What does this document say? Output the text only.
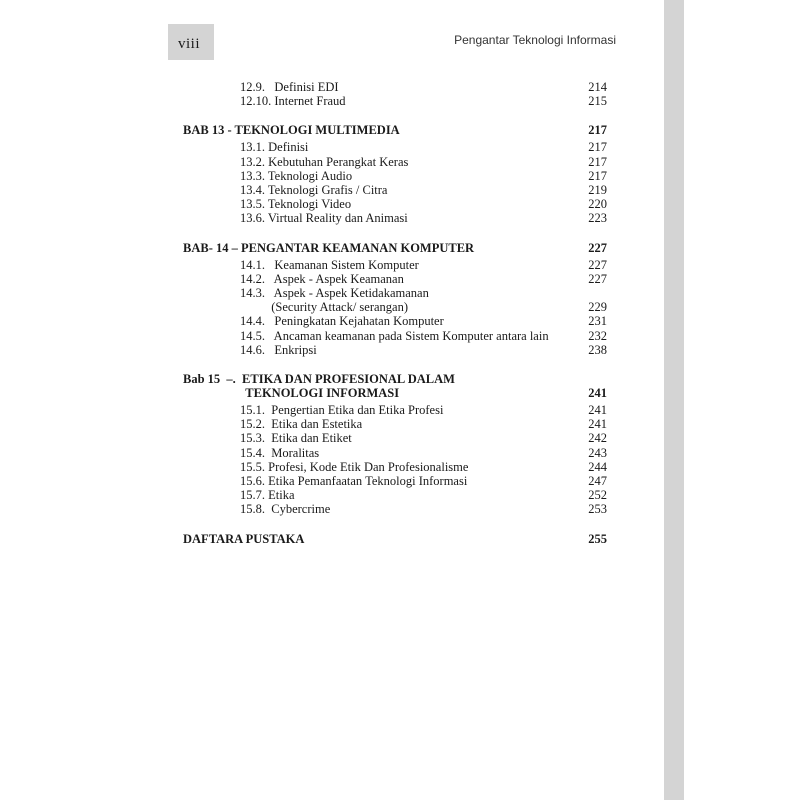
viii	Pengantar Teknologi Informasi
12.9.   Definisi EDI	214
12.10. Internet Fraud	215
BAB 13 - TEKNOLOGI MULTIMEDIA	217
13.1. Definisi	217
13.2. Kebutuhan Perangkat Keras	217
13.3. Teknologi Audio	217
13.4. Teknologi Grafis / Citra	219
13.5. Teknologi Video	220
13.6. Virtual Reality dan Animasi	223
BAB- 14 – PENGANTAR KEAMANAN KOMPUTER	227
14.1.   Keamanan Sistem Komputer	227
14.2.   Aspek - Aspek Keamanan	227
14.3.   Aspek - Aspek Ketidakamanan
(Security Attack/ serangan)	229
14.4.   Peningkatan Kejahatan Komputer	231
14.5.   Ancaman keamanan pada Sistem Komputer antara lain	232
14.6.   Enkripsi	238
Bab 15  –.  ETIKA DAN PROFESIONAL DALAM
TEKNOLOGI INFORMASI	241
15.1.  Pengertian Etika dan Etika Profesi	241
15.2.  Etika dan Estetika	241
15.3.  Etika dan Etiket	242
15.4.  Moralitas	243
15.5. Profesi, Kode Etik Dan Profesionalisme	244
15.6. Etika Pemanfaatan Teknologi Informasi	247
15.7. Etika	252
15.8.  Cybercrime	253
DAFTARA PUSTAKA	255
